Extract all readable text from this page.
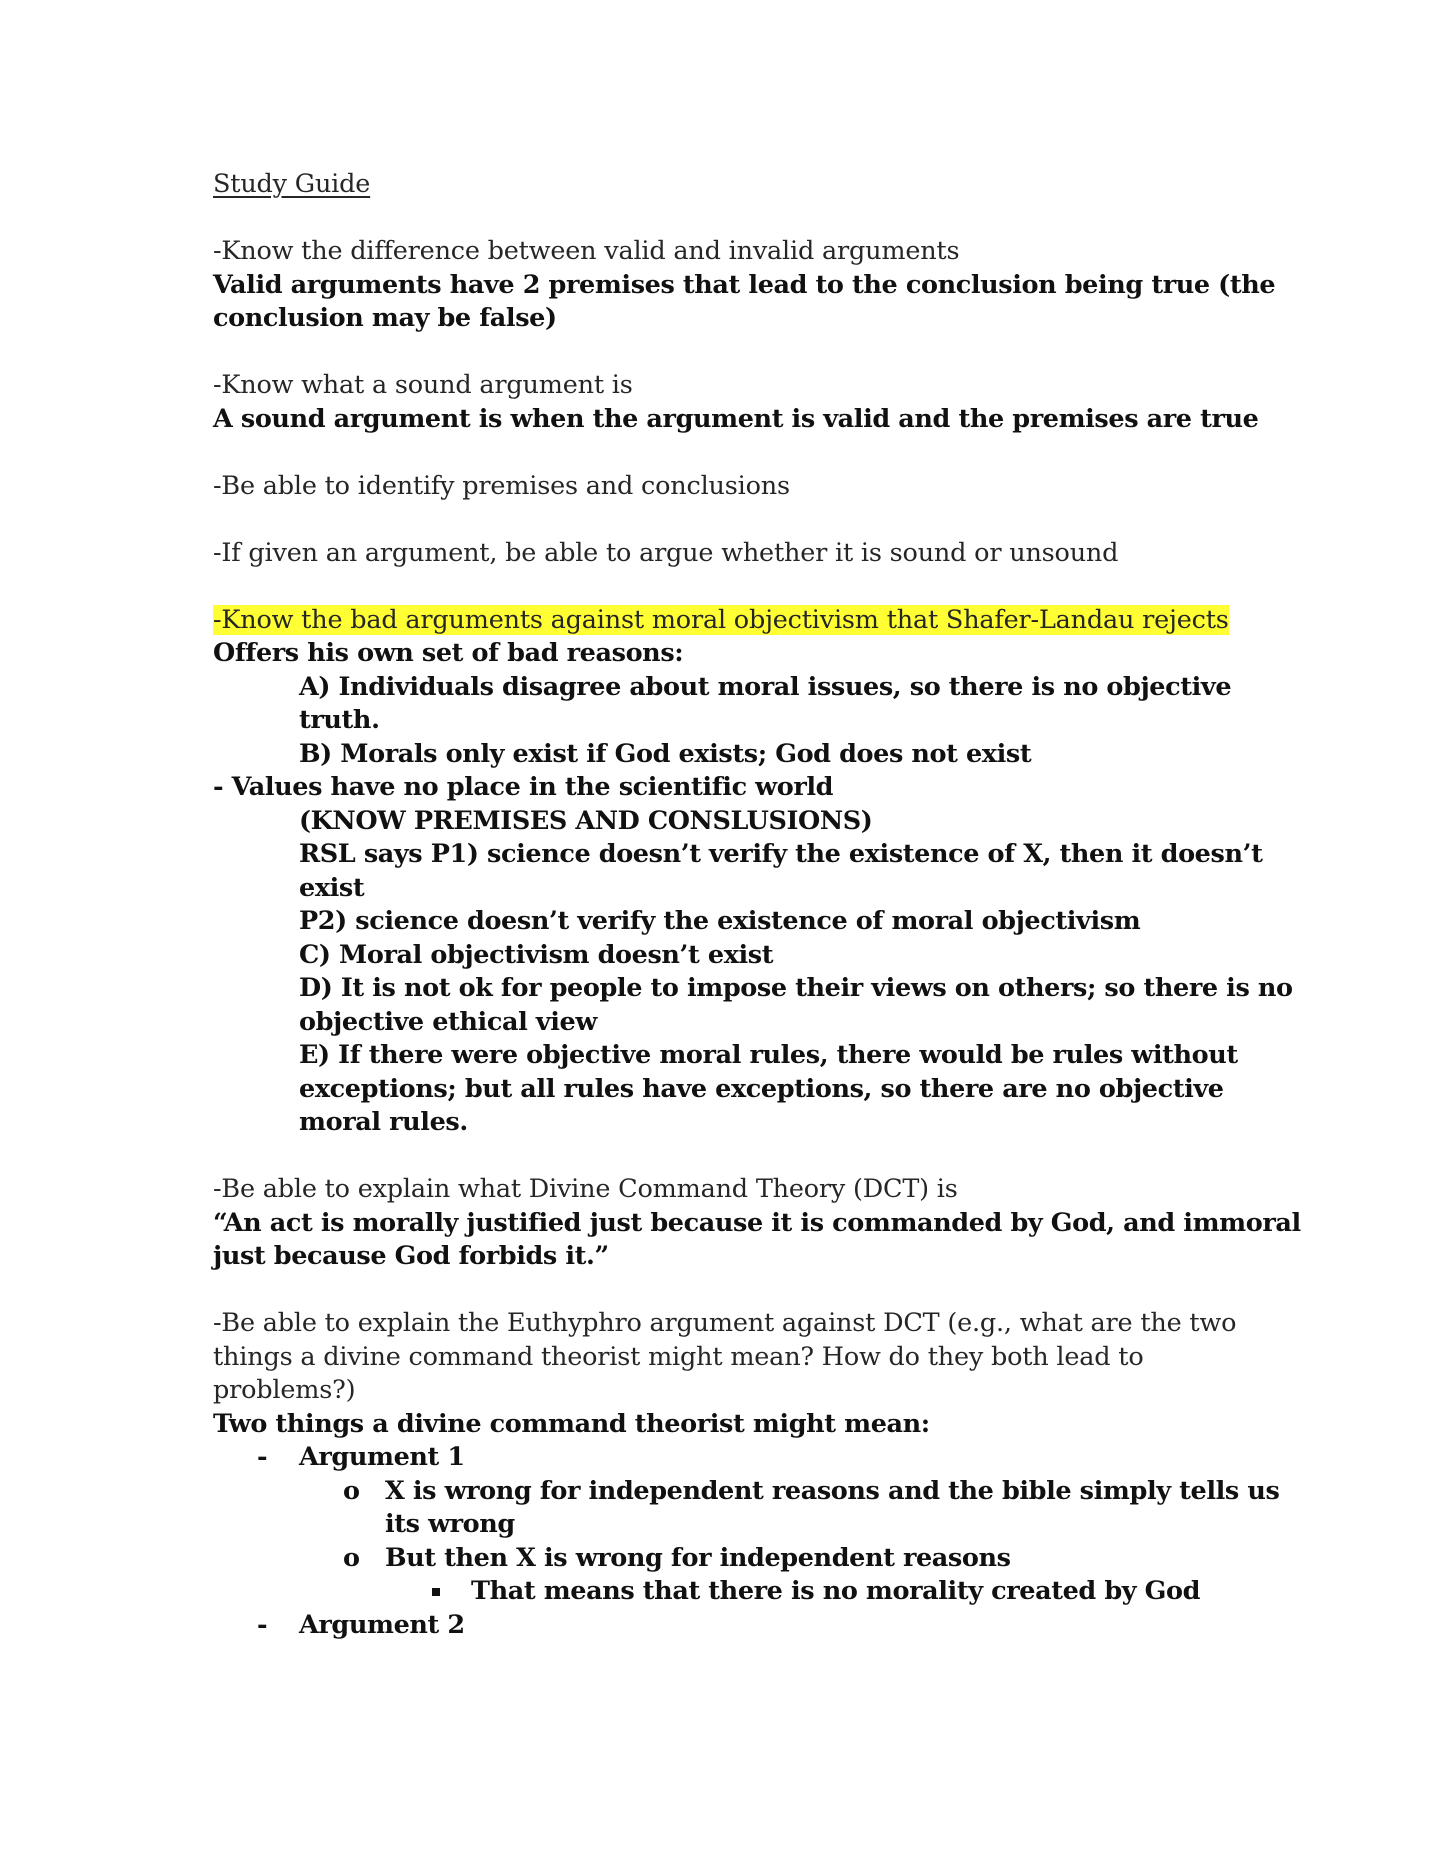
Study Guide

-Know the difference between valid and invalid arguments

Valid arguments have 2 premises that lead to the conclusion being true (the

conclusion may be false)

-Know what a sound argument is

A sound argument is when the argument is valid and the premises are true

-Be able to identify premises and conclusions

-If given an argument, be able to argue whether it is sound or unsound

-Know the bad arguments against moral objectivism that Shafer-Landau rejects

Offers his own set of bad reasons:

A) Individuals disagree about moral issues, so there is no objective

truth.

B) Morals only exist if God exists; God does not exist

- Values have no place in the scientific world

(KNOW PREMISES AND CONSLUSIONS)

RSL says P1) science doesn’t verify the existence of X, then it doesn’t

exist

P2) science doesn’t verify the existence of moral objectivism

C) Moral objectivism doesn’t exist

D) It is not ok for people to impose their views on others; so there is no

objective ethical view

E) If there were objective moral rules, there would be rules without

exceptions; but all rules have exceptions, so there are no objective

moral rules.

-Be able to explain what Divine Command Theory (DCT) is

“An act is morally justified just because it is commanded by God, and immoral

just because God forbids it.”

-Be able to explain the Euthyphro argument against DCT (e.g., what are the two

things a divine command theorist might mean? How do they both lead to

problems?)

Two things a divine command theorist might mean:

- Argument 1

o X is wrong for independent reasons and the bible simply tells us

its wrong

o But then X is wrong for independent reasons

That means that there is no morality created by God

- Argument 2
